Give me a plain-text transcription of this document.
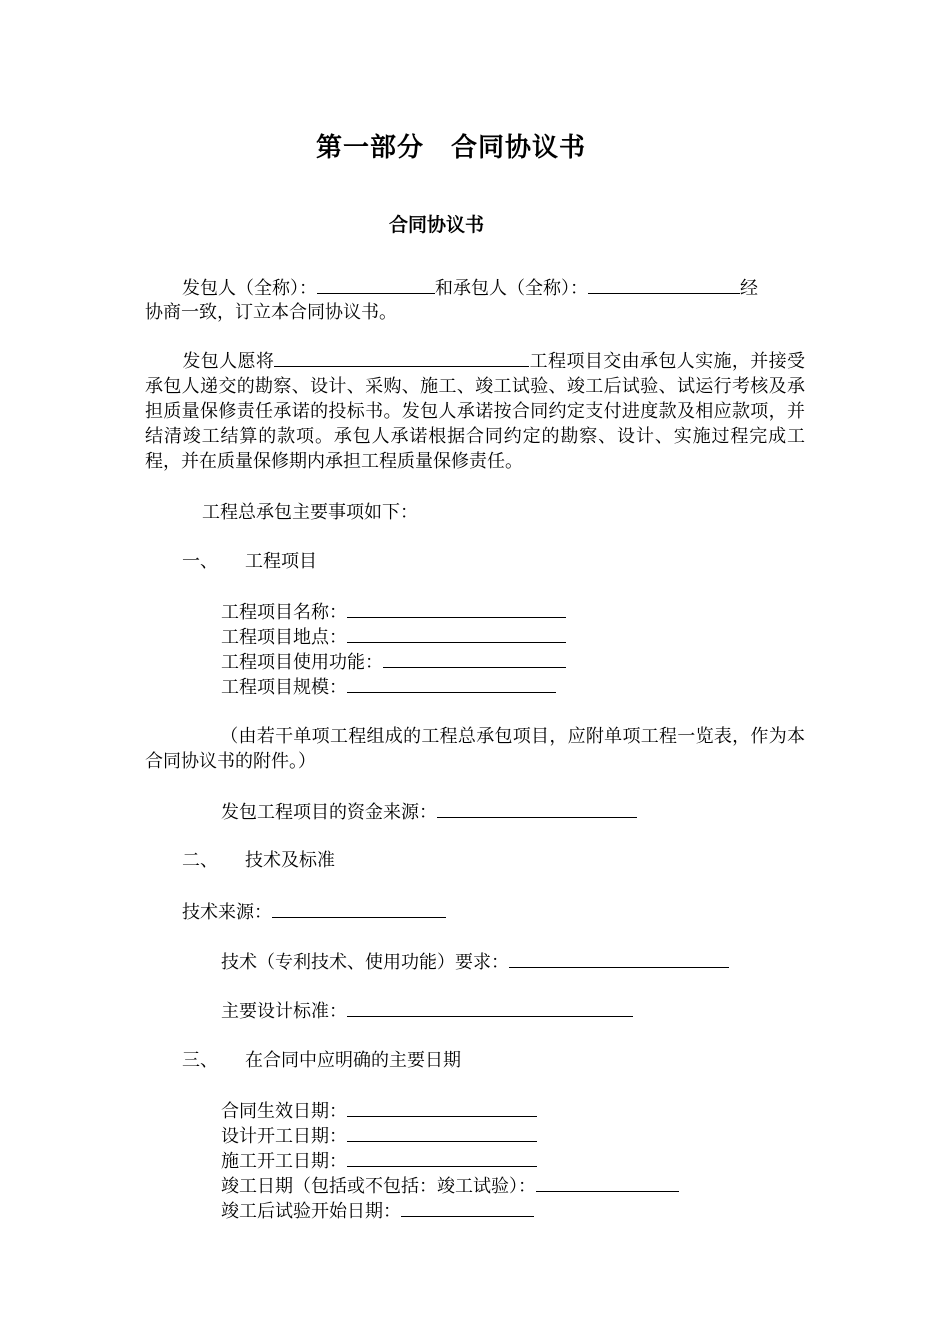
第一部分　合同协议书
合同协议书
发包人（全称）：	和承包人（全称）：	经
协商一致，订立本合同协议书。
发包人愿将	工程项目交由承包人实施，并接受承包人递交的勘察、设计、采购、施工、竣工试验、竣工后试验、试运行考核及承担质量保修责任承诺的投标书。发包人承诺按合同约定支付进度款及相应款项，并结清竣工结算的款项。承包人承诺根据合同约定的勘察、设计、实施过程完成工程，并在质量保修期内承担工程质量保修责任。
工程总承包主要事项如下：
一、 工程项目
工程项目名称：
工程项目地点：
工程项目使用功能：
工程项目规模：
（由若干单项工程组成的工程总承包项目，应附单项工程一览表，作为本合同协议书的附件。）
发包工程项目的资金来源：
二、 技术及标准
技术来源：
技术（专利技术、使用功能）要求：
主要设计标准：
三、 在合同中应明确的主要日期
合同生效日期：
设计开工日期：
施工开工日期：
竣工日期（包括或不包括：竣工试验）：
竣工后试验开始日期：
